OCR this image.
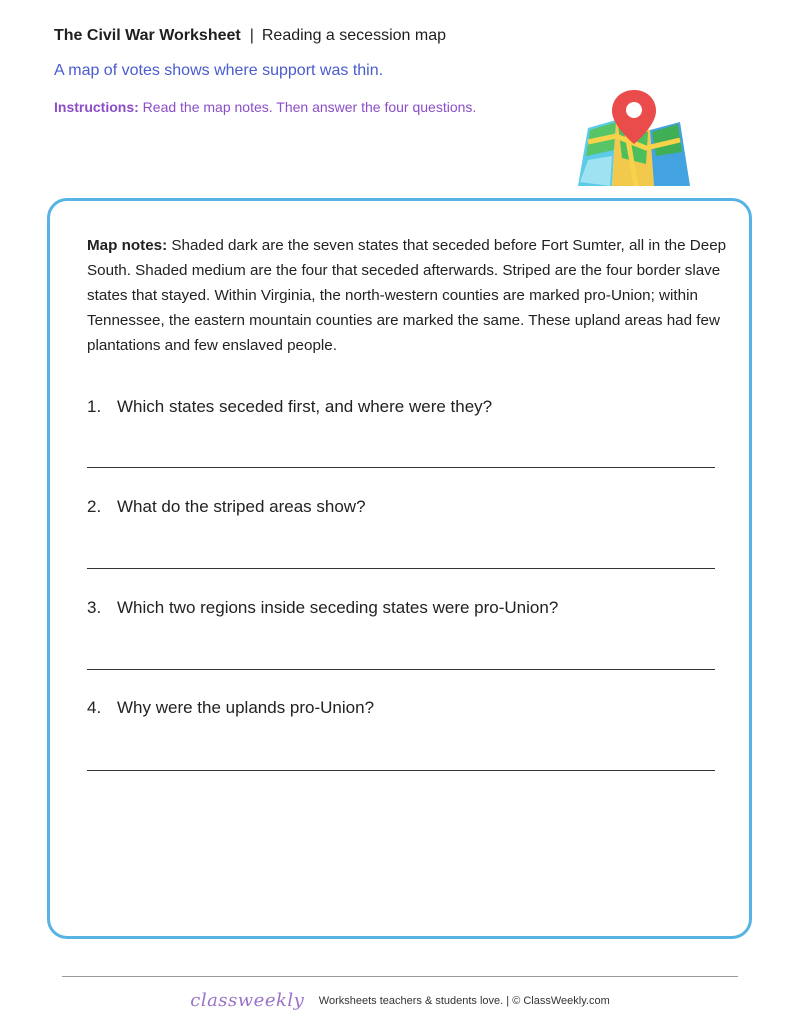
The Civil War Worksheet | Reading a secession map
A map of votes shows where support was thin.
Instructions: Read the map notes. Then answer the four questions.

Map notes: Shaded dark are the seven states that seceded before Fort Sumter, all in the Deep South. Shaded medium are the four that seceded afterwards. Striped are the four border slave states that stayed. Within Virginia, the north-western counties are marked pro-Union; within Tennessee, the eastern mountain counties are marked the same. These upland areas had few plantations and few enslaved people.

1. Which states seceded first, and where were they?
2. What do the striped areas show?
3. Which two regions inside seceding states were pro-Union?
4. Why were the uplands pro-Union?
classweekly Worksheets teachers & students love. | © ClassWeekly.com
